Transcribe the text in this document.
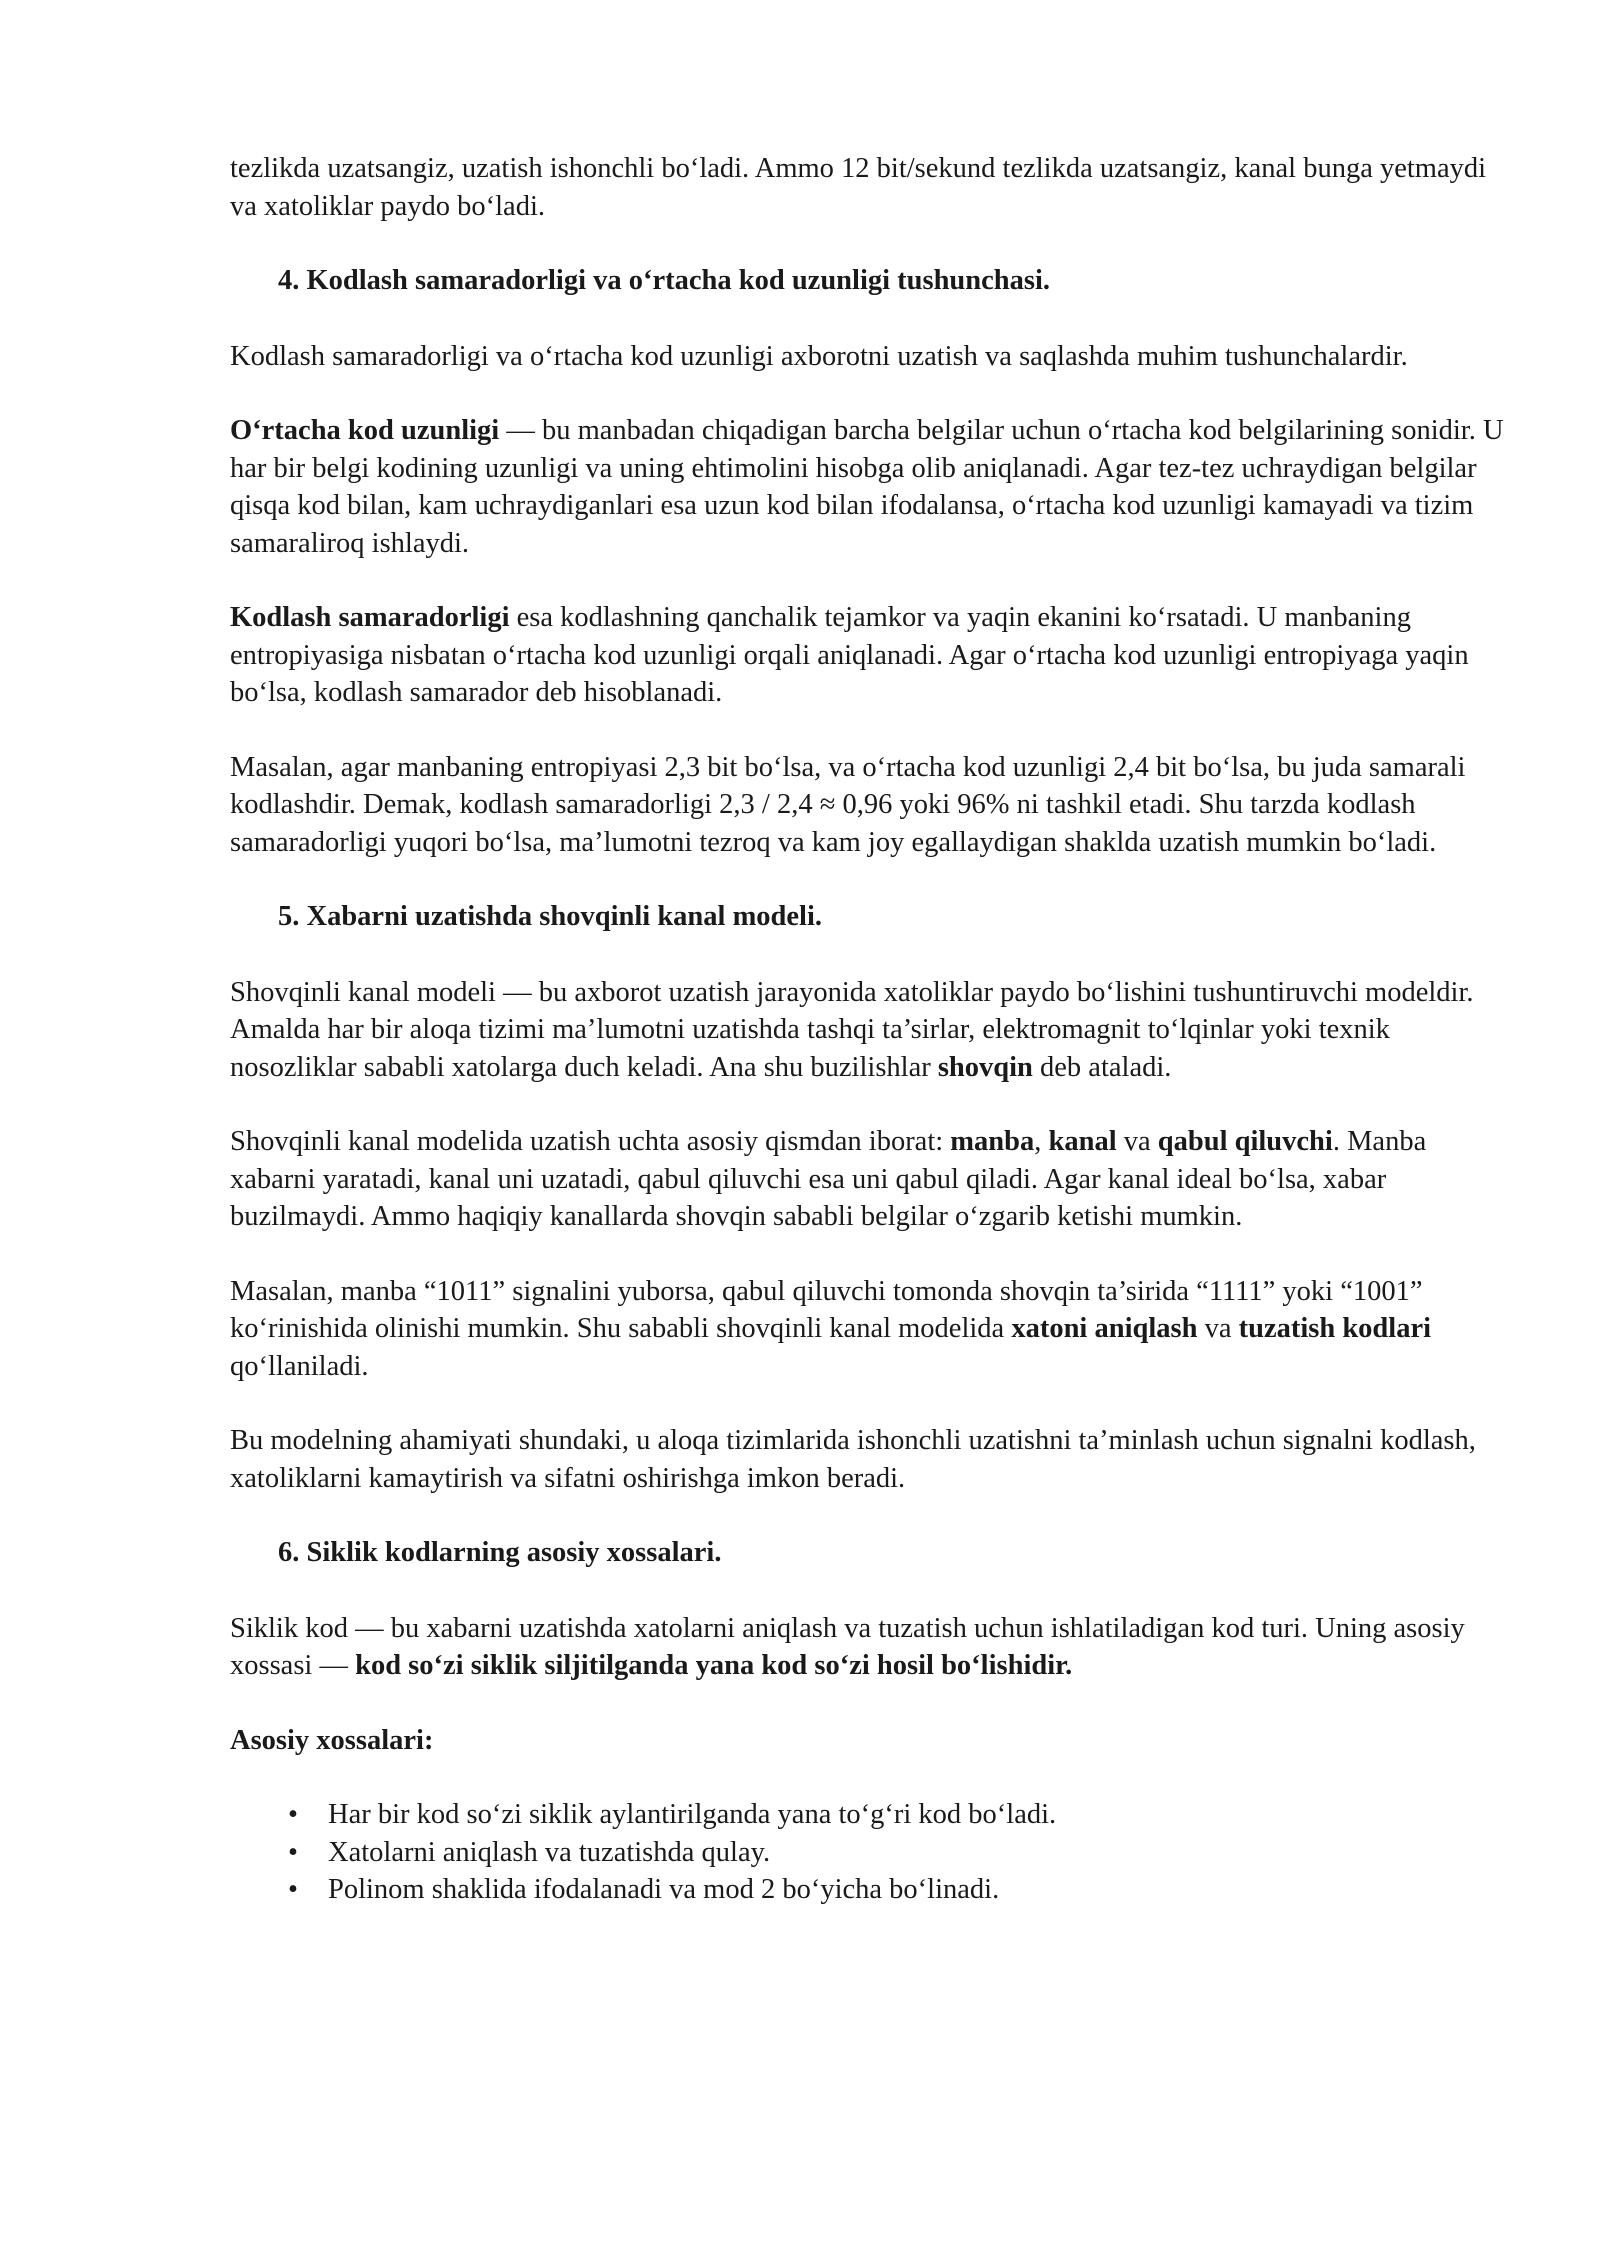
tezlikda uzatsangiz, uzatish ishonchli bo‘ladi. Ammo 12 bit/sekund tezlikda uzatsangiz, kanal bunga yetmaydi va xatoliklar paydo bo‘ladi.

4. Kodlash samaradorligi va o‘rtacha kod uzunligi tushunchasi.

Kodlash samaradorligi va o‘rtacha kod uzunligi axborotni uzatish va saqlashda muhim tushunchalardir.

O‘rtacha kod uzunligi — bu manbadan chiqadigan barcha belgilar uchun o‘rtacha kod belgilarining sonidir. U har bir belgi kodining uzunligi va uning ehtimolini hisobga olib aniqlanadi. Agar tez-tez uchraydigan belgilar qisqa kod bilan, kam uchraydiganlari esa uzun kod bilan ifodalansa, o‘rtacha kod uzunligi kamayadi va tizim samaraliroq ishlaydi.

Kodlash samaradorligi esa kodlashning qanchalik tejamkor va yaqin ekanini ko‘rsatadi. U manbaning entropiyasiga nisbatan o‘rtacha kod uzunligi orqali aniqlanadi. Agar o‘rtacha kod uzunligi entropiyaga yaqin bo‘lsa, kodlash samarador deb hisoblanadi.

Masalan, agar manbaning entropiyasi 2,3 bit bo‘lsa, va o‘rtacha kod uzunligi 2,4 bit bo‘lsa, bu juda samarali kodlashdir. Demak, kodlash samaradorligi 2,3 / 2,4 ≈ 0,96 yoki 96% ni tashkil etadi. Shu tarzda kodlash samaradorligi yuqori bo‘lsa, ma’lumotni tezroq va kam joy egallaydigan shaklda uzatish mumkin bo‘ladi.

5. Xabarni uzatishda shovqinli kanal modeli.

Shovqinli kanal modeli — bu axborot uzatish jarayonida xatoliklar paydo bo‘lishini tushuntiruvchi modeldir. Amalda har bir aloqa tizimi ma’lumotni uzatishda tashqi ta’sirlar, elektromagnit to‘lqinlar yoki texnik nosozliklar sababli xatolarga duch keladi. Ana shu buzilishlar shovqin deb ataladi.

Shovqinli kanal modelida uzatish uchta asosiy qismdan iborat: manba, kanal va qabul qiluvchi. Manba xabarni yaratadi, kanal uni uzatadi, qabul qiluvchi esa uni qabul qiladi. Agar kanal ideal bo‘lsa, xabar buzilmaydi. Ammo haqiqiy kanallarda shovqin sababli belgilar o‘zgarib ketishi mumkin.

Masalan, manba “1011” signalini yuborsa, qabul qiluvchi tomonda shovqin ta’sirida “1111” yoki “1001” ko‘rinishida olinishi mumkin. Shu sababli shovqinli kanal modelida xatoni aniqlash va tuzatish kodlari qo‘llaniladi.

Bu modelning ahamiyati shundaki, u aloqa tizimlarida ishonchli uzatishni ta’minlash uchun signalni kodlash, xatoliklarni kamaytirish va sifatni oshirishga imkon beradi.

6. Siklik kodlarning asosiy xossalari.

Siklik kod — bu xabarni uzatishda xatolarni aniqlash va tuzatish uchun ishlatiladigan kod turi. Uning asosiy xossasi — kod so‘zi siklik siljitilganda yana kod so‘zi hosil bo‘lishidir.

Asosiy xossalari:

• Har bir kod so‘zi siklik aylantirilganda yana to‘g‘ri kod bo‘ladi.
• Xatolarni aniqlash va tuzatishda qulay.
• Polinom shaklida ifodalanadi va mod 2 bo‘yicha bo‘linadi.
